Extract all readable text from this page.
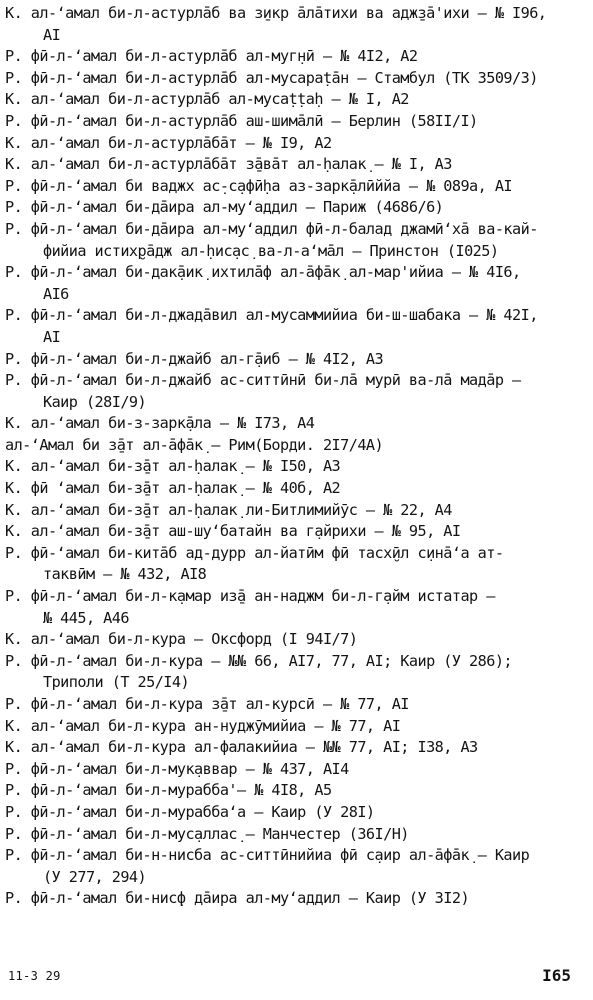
К. ал-ʻамал би-л-астурлāб ва з̱икр āлāтихи ва адж̱зā'ихи – № I96,
AI
Р. фӣ-л-ʻамал би-л-астурлāб ал-муг̣нӣ – № 4I2, А2
Р. фӣ-л-ʻамал би-л-астурлāб ал-мусараṭāн – Стамбул (ТК 3509/3)
К. ал-ʻамал би-л-астурлāб ал-мусаṭṭаḥ – № I, А2
Р. фӣ-л-ʻамал би-л-астурлāб аш-шимāлӣ – Берлин (58II/I)
К. ал-ʻамал би-л-астурлāбāт – № I9, А2
К. ал-ʻамал би-л-астурлāбāт з̱āвāт ал-ḥалак̣ – № I, А3
Р. фӣ-л-ʻамал би ваджх ас̣-с̣афӣḥа аз-зарк̣āлӣййа – № 089а, АI
Р. фӣ-л-ʻамал би-дāира ал-муʻаддил – Париж (4686/6)
Р. фӣ-л-ʻамал би-дāира ал-муʻаддил фӣ-л-балад джамӣʻхā ва-кай-
фийиа истих̮рāдж ал-ḥис̣ас̣ ва-л-аʻмāл – Принстон (I025)
Р. фӣ-л-ʻамал би-дак̣āик̣ ихтилāф ал-āфāк̣ ал-мар'ийиа – № 4I6,
AI6
Р. фӣ-л-ʻамал би-л-джадāвил ал-мусаммийиа би-ш-шабака – № 42I,
AI
Р. фӣ-л-ʻамал би-л-джайб ал-г̣āиб – № 4I2, А3
Р. фӣ-л-ʻамал би-л-джайб ас-ситтӣнӣ би-лā мурӣ ва-лā мадāр –
Каир (28I/9)
К. ал-ʻамал би-з-зарк̣āла – № I73, А4
ал-ʻАмал би з̱āт ал-āфāк̣ – Рим(Борди. 2I7/4А)
К. ал-ʻамал би-з̱āт ал-ḥалак̣ – № I50, А3
К. фӣ ʻамал би-з̱āт ал-ḥалак̣ – № 40б, А2
К. ал-ʻамал би-з̱āт ал-ḥалак̣ ли-Битлимийӯс – № 22, А4
К. ал-ʻамал би-з̱āт аш-шуʻбатайн ва г̣айрихи – № 95, АI
Р. фӣ-ʻамал би-китāб ад-дурр ал-йатӣм фӣ тасх̮ӣл с̣инāʻа ат-
таквӣм – № 432, АI8
Р. фӣ-л-ʻамал би-л-к̣амар из̱ā ан-наджм би-л-г̣айм истатар –
№ 445, А46
К. ал-ʻамал би-л-кура – Оксфорд (I 94I/7)
Р. фӣ-л-ʻамал би-л-кура – №№ 66, АI7, 77, АI; Каир (У 286);
Триполи (Т 25/I4)
Р. фӣ-л-ʻамал би-л-кура з̱āт ал-курсӣ – № 77, АI
К. ал-ʻамал би-л-кура ан-нуджӯмийиа – № 77, АI
К. ал-ʻамал би-л-кура ал-фалакийиа – №№ 77, АI; I38, А3
Р. фӣ-л-ʻамал би-л-мук̣аввар – № 437, АI4
Р. фӣ-л-ʻамал би-л-мурабба'– № 4I8, А5
Р. фӣ-л-ʻамал би-л-мураббаʻа – Каир (У 28I)
Р. фӣ-л-ʻамал би-л-мус̣аллас̣ – Манчестер (36I/Н)
Р. фӣ-л-ʻамал би-н-нисба ас-ситтӣнийиа фӣ с̣аир ал-āфāк̣ – Каир
(У 277, 294)
Р. фӣ-л-ʻамал би-нис̣ф дāира ал-муʻаддил – Каир (У 3I2)
11-3 29	I65
